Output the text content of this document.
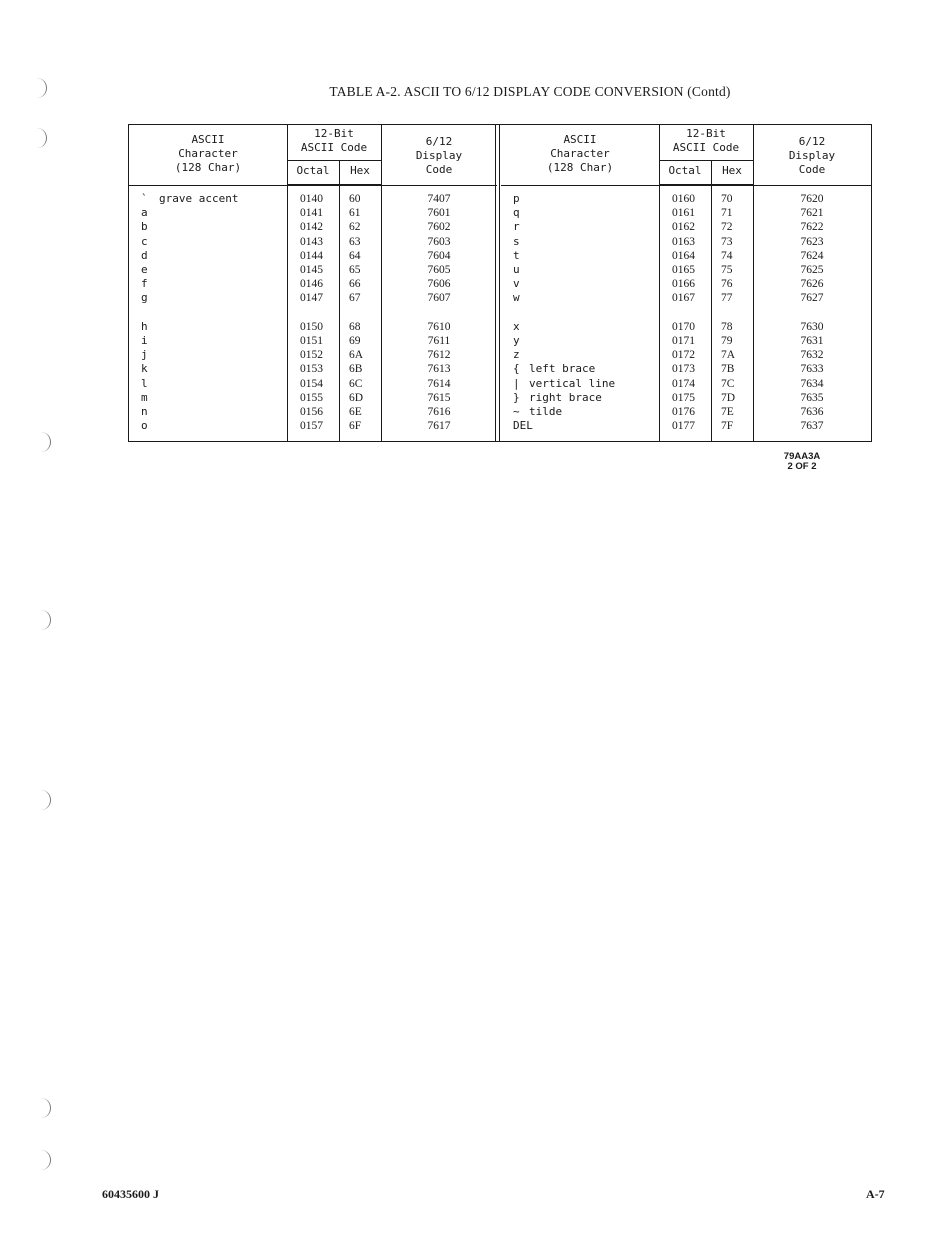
TABLE A-2. ASCII TO 6/12 DISPLAY CODE CONVERSION (Contd)
ASCII
Character
(128 Char)
12-Bit
ASCII Code
Octal	Hex
6/12
Display
Code
` grave accent	0140 60	7407
a	0141 61	7601
b	0142 62	7602
c	0143 63	7603
d	0144 64	7604
e	0145 65	7605
f	0146 66	7606
g	0147 67	7607
h	0150 68	7610
i	0151 69	7611
j	0152 6A	7612
k	0153 6B	7613
l	0154 6C	7614
m	0155 6D	7615
n	0156 6E	7616
o	0157 6F	7617
ASCII
Character
(128 Char)
12-Bit
ASCII Code
Octal	Hex
6/12
Display
Code
p	0160 70	7620
q	0161 71	7621
r	0162 72	7622
s	0163 73	7623
t	0164 74	7624
u	0165 75	7625
v	0166 76	7626
w	0167 77	7627
x	0170 78	7630
y	0171 79	7631
z	0172 7A	7632
{ left brace	0173 7B	7633
| vertical line	0174 7C	7634
} right brace	0175 7D	7635
~ tilde	0176 7E	7636
DEL	0177 7F	7637
79AA3A
2 OF 2
60435600 J	A-7
